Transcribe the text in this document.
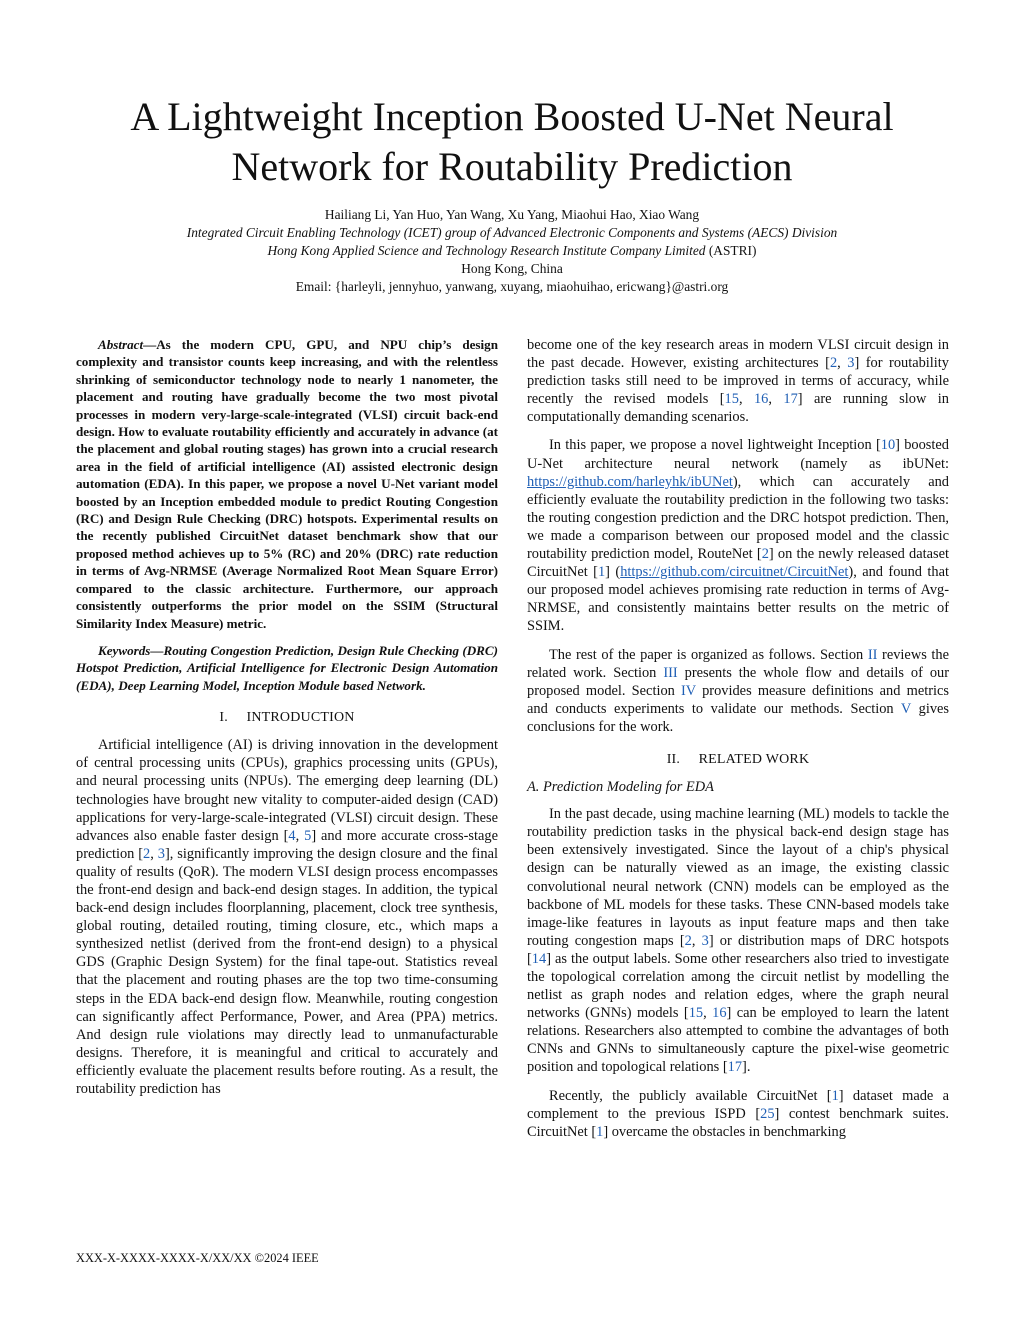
A Lightweight Inception Boosted U-Net Neural
Network for Routability Prediction
Hailiang Li, Yan Huo, Yan Wang, Xu Yang, Miaohui Hao, Xiao Wang
Integrated Circuit Enabling Technology (ICET) group of Advanced Electronic Components and Systems (AECS) Division
Hong Kong Applied Science and Technology Research Institute Company Limited (ASTRI)
Hong Kong, China
Email: {harleyli, jennyhuo, yanwang, xuyang, miaohuihao, ericwang}@astri.org

Abstract—As the modern CPU, GPU, and NPU chip’s design complexity and transistor counts keep increasing, and with the relentless shrinking of semiconductor technology node to nearly 1 nanometer, the placement and routing have gradually become the two most pivotal processes in modern very-large-scale-integrated (VLSI) circuit back-end design. How to evaluate routability efficiently and accurately in advance (at the placement and global routing stages) has grown into a crucial research area in the field of artificial intelligence (AI) assisted electronic design automation (EDA). In this paper, we propose a novel U-Net variant model boosted by an Inception embedded module to predict Routing Congestion (RC) and Design Rule Checking (DRC) hotspots. Experimental results on the recently published CircuitNet dataset benchmark show that our proposed method achieves up to 5% (RC) and 20% (DRC) rate reduction in terms of Avg-NRMSE (Average Normalized Root Mean Square Error) compared to the classic architecture. Furthermore, our approach consistently outperforms the prior model on the SSIM (Structural Similarity Index Measure) metric.

Keywords—Routing Congestion Prediction, Design Rule Checking (DRC) Hotspot Prediction, Artificial Intelligence for Electronic Design Automation (EDA), Deep Learning Model, Inception Module based Network.

I. INTRODUCTION

Artificial intelligence (AI) is driving innovation in the development of central processing units (CPUs), graphics processing units (GPUs), and neural processing units (NPUs). The emerging deep learning (DL) technologies have brought new vitality to computer-aided design (CAD) applications for very-large-scale-integrated (VLSI) circuit design. These advances also enable faster design [4, 5] and more accurate cross-stage prediction [2, 3], significantly improving the design closure and the final quality of results (QoR). The modern VLSI design process encompasses the front-end design and back-end design stages. In addition, the typical back-end design includes floorplanning, placement, clock tree synthesis, global routing, detailed routing, timing closure, etc., which maps a synthesized netlist (derived from the front-end design) to a physical GDS (Graphic Design System) for the final tape-out. Statistics reveal that the placement and routing phases are the top two time-consuming steps in the EDA back-end design flow. Meanwhile, routing congestion can significantly affect Performance, Power, and Area (PPA) metrics. And design rule violations may directly lead to unmanufacturable designs. Therefore, it is meaningful and critical to accurately and efficiently evaluate the placement results before routing. As a result, the routability prediction has

become one of the key research areas in modern VLSI circuit design in the past decade. However, existing architectures [2, 3] for routability prediction tasks still need to be improved in terms of accuracy, while recently the revised models [15, 16, 17] are running slow in computationally demanding scenarios.

In this paper, we propose a novel lightweight Inception [10] boosted U-Net architecture neural network (namely as ibUNet: https://github.com/harleyhk/ibUNet), which can accurately and efficiently evaluate the routability prediction in the following two tasks: the routing congestion prediction and the DRC hotspot prediction. Then, we made a comparison between our proposed model and the classic routability prediction model, RouteNet [2] on the newly released dataset CircuitNet [1] (https://github.com/circuitnet/CircuitNet), and found that our proposed model achieves promising rate reduction in terms of Avg-NRMSE, and consistently maintains better results on the metric of SSIM.

The rest of the paper is organized as follows. Section II reviews the related work. Section III presents the whole flow and details of our proposed model. Section IV provides measure definitions and metrics and conducts experiments to validate our methods. Section V gives conclusions for the work.

II. RELATED WORK
A. Prediction Modeling for EDA

In the past decade, using machine learning (ML) models to tackle the routability prediction tasks in the physical back-end design stage has been extensively investigated. Since the layout of a chip's physical design can be naturally viewed as an image, the existing classic convolutional neural network (CNN) models can be employed as the backbone of ML models for these tasks. These CNN-based models take image-like features in layouts as input feature maps and then take routing congestion maps [2, 3] or distribution maps of DRC hotspots [14] as the output labels. Some other researchers also tried to investigate the topological correlation among the circuit netlist by modelling the netlist as graph nodes and relation edges, where the graph neural networks (GNNs) models [15, 16] can be employed to learn the latent relations. Researchers also attempted to combine the advantages of both CNNs and GNNs to simultaneously capture the pixel-wise geometric position and topological relations [17].

Recently, the publicly available CircuitNet [1] dataset made a complement to the previous ISPD [25] contest benchmark suites. CircuitNet [1] overcame the obstacles in benchmarking

XXX-X-XXXX-XXXX-X/XX/XX ©2024 IEEE
